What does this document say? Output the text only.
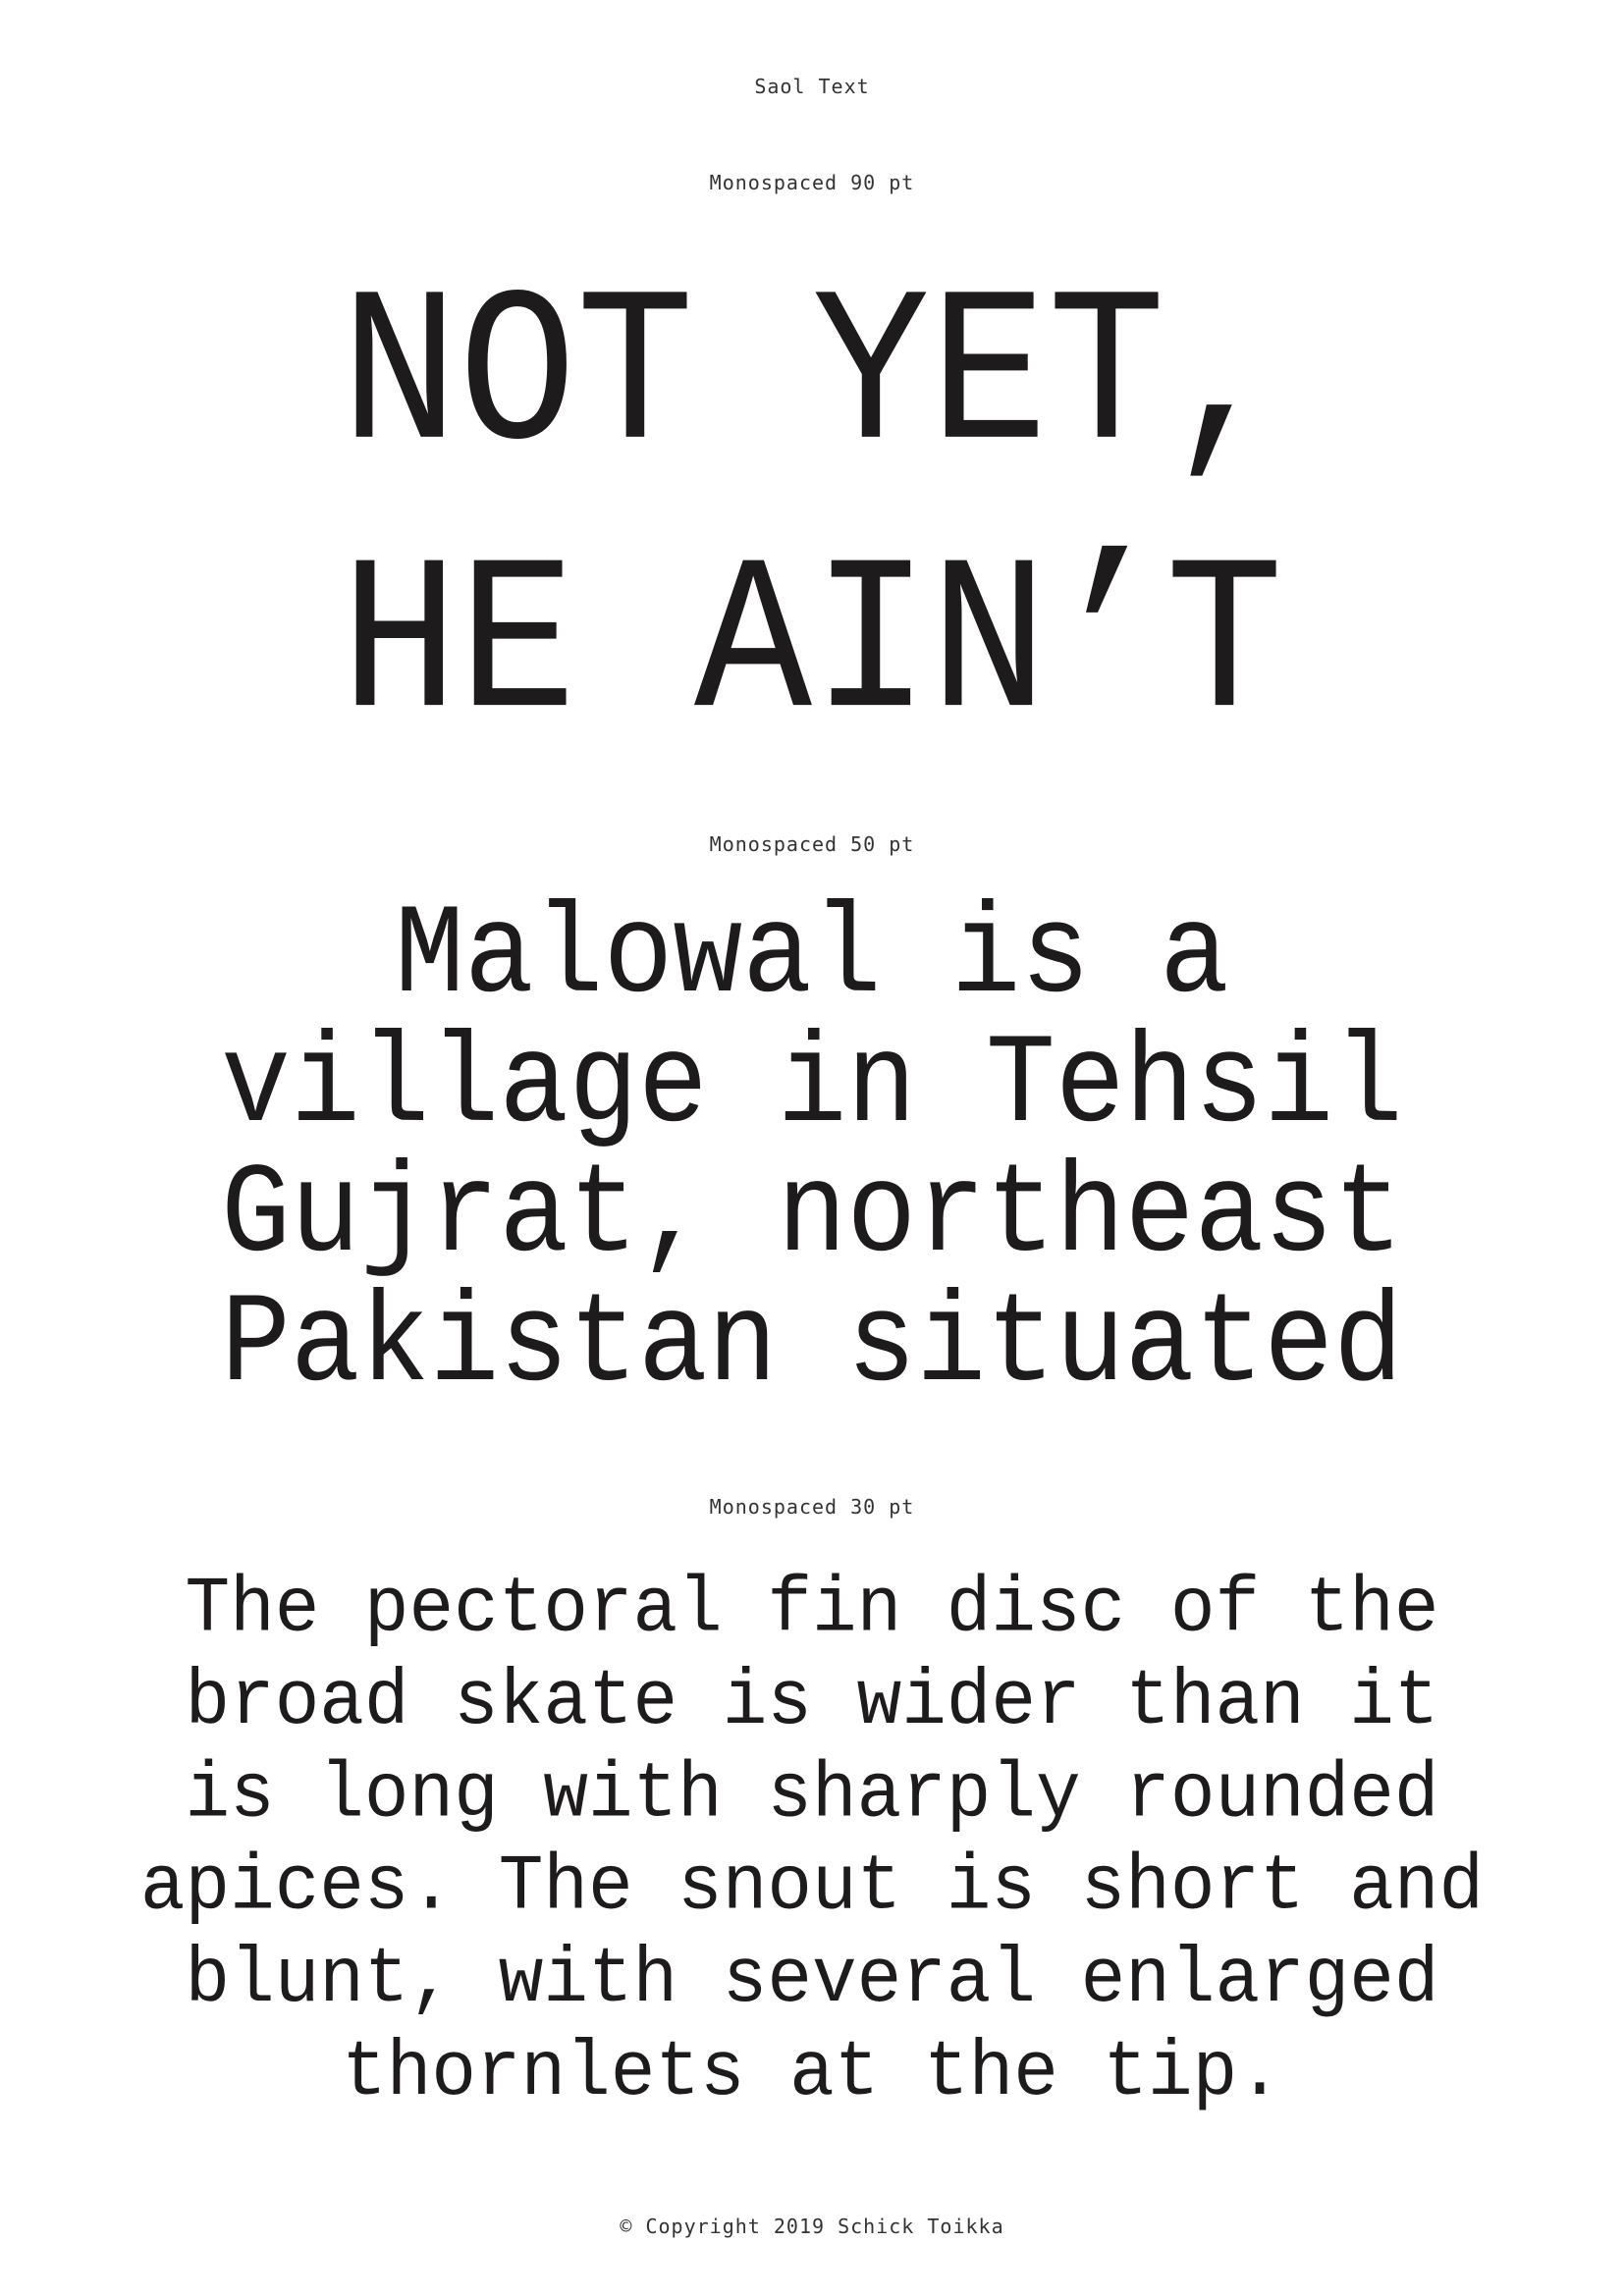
Saol Text
Monospaced 90 pt
NOT YET,
HE AIN’T
Monospaced 50 pt
Malowal is a
village in Tehsil
Gujrat, northeast
Pakistan situated
Monospaced 30 pt
The pectoral fin disc of the
broad skate is wider than it
is long with sharply rounded
apices. The snout is short and
blunt, with several enlarged
thornlets at the tip.
© Copyright 2019 Schick Toikka
